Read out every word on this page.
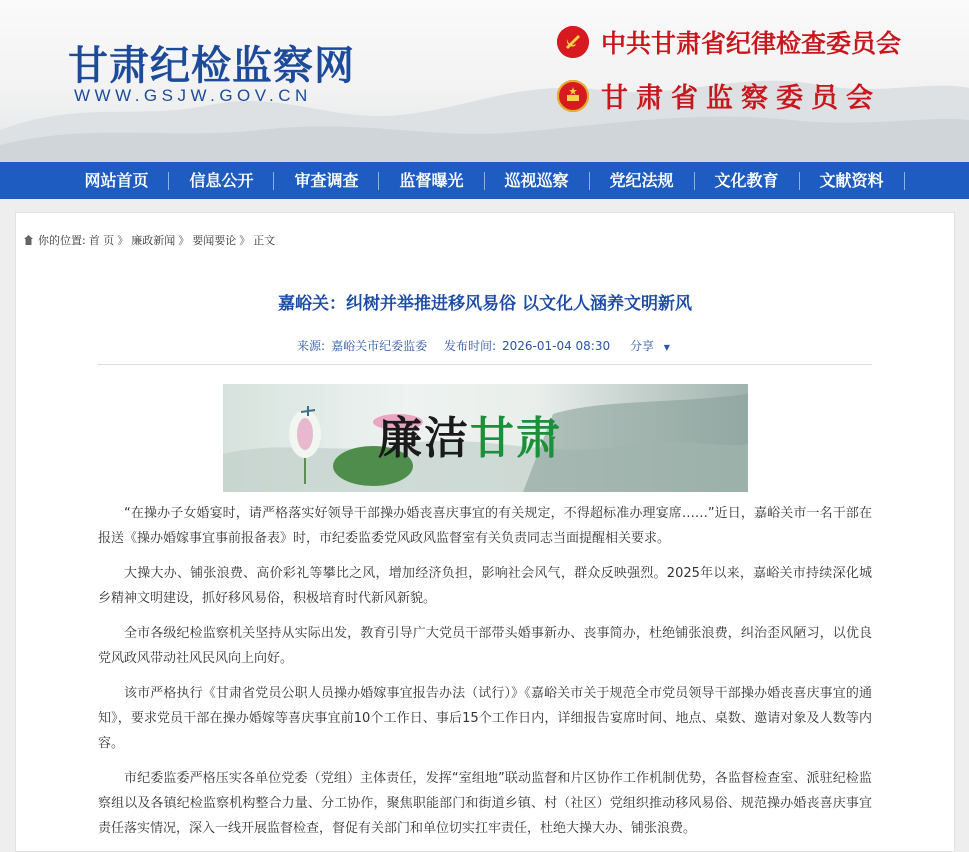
甘肃纪检监察网
WWW.GSJW.GOV.CN
中共甘肃省纪律检查委员会
甘肃省监察委员会
网站首页	信息公开	审查调查	监督曝光	巡视巡察	党纪法规	文化教育	文献资料
你的位置: 首 页 》 廉政新闻 》 要闻要论 》 正文
嘉峪关：纠树并举推进移风易俗 以文化人涵养文明新风
来源: 嘉峪关市纪委监委 发布时间: 2026-01-04 08:30 分享 ▼
廉洁甘肃

“在操办子女婚宴时，请严格落实好领导干部操办婚丧喜庆事宜的有关规定，不得超标准办理宴席……”近日，嘉峪关市一名干部在报送《操办婚嫁事宜事前报备表》时，市纪委监委党风政风监督室有关负责同志当面提醒相关要求。

大操大办、铺张浪费、高价彩礼等攀比之风，增加经济负担，影响社会风气，群众反映强烈。2025年以来，嘉峪关市持续深化城乡精神文明建设，抓好移风易俗，积极培育时代新风新貌。

全市各级纪检监察机关坚持从实际出发，教育引导广大党员干部带头婚事新办、丧事简办，杜绝铺张浪费，纠治歪风陋习，以优良党风政风带动社风民风向上向好。

该市严格执行《甘肃省党员公职人员操办婚嫁事宜报告办法（试行）》《嘉峪关市关于规范全市党员领导干部操办婚丧喜庆事宜的通知》，要求党员干部在操办婚嫁等喜庆事宜前10个工作日、事后15个工作日内，详细报告宴席时间、地点、桌数、邀请对象及人数等内容。

市纪委监委严格压实各单位党委（党组）主体责任，发挥“室组地”联动监督和片区协作工作机制优势，各监督检查室、派驻纪检监察组以及各镇纪检监察机构整合力量、分工协作，聚焦职能部门和街道乡镇、村（社区）党组织推动移风易俗、规范操办婚丧喜庆事宜责任落实情况，深入一线开展监督检查，督促有关部门和单位切实扛牢责任，杜绝大操大办、铺张浪费。
